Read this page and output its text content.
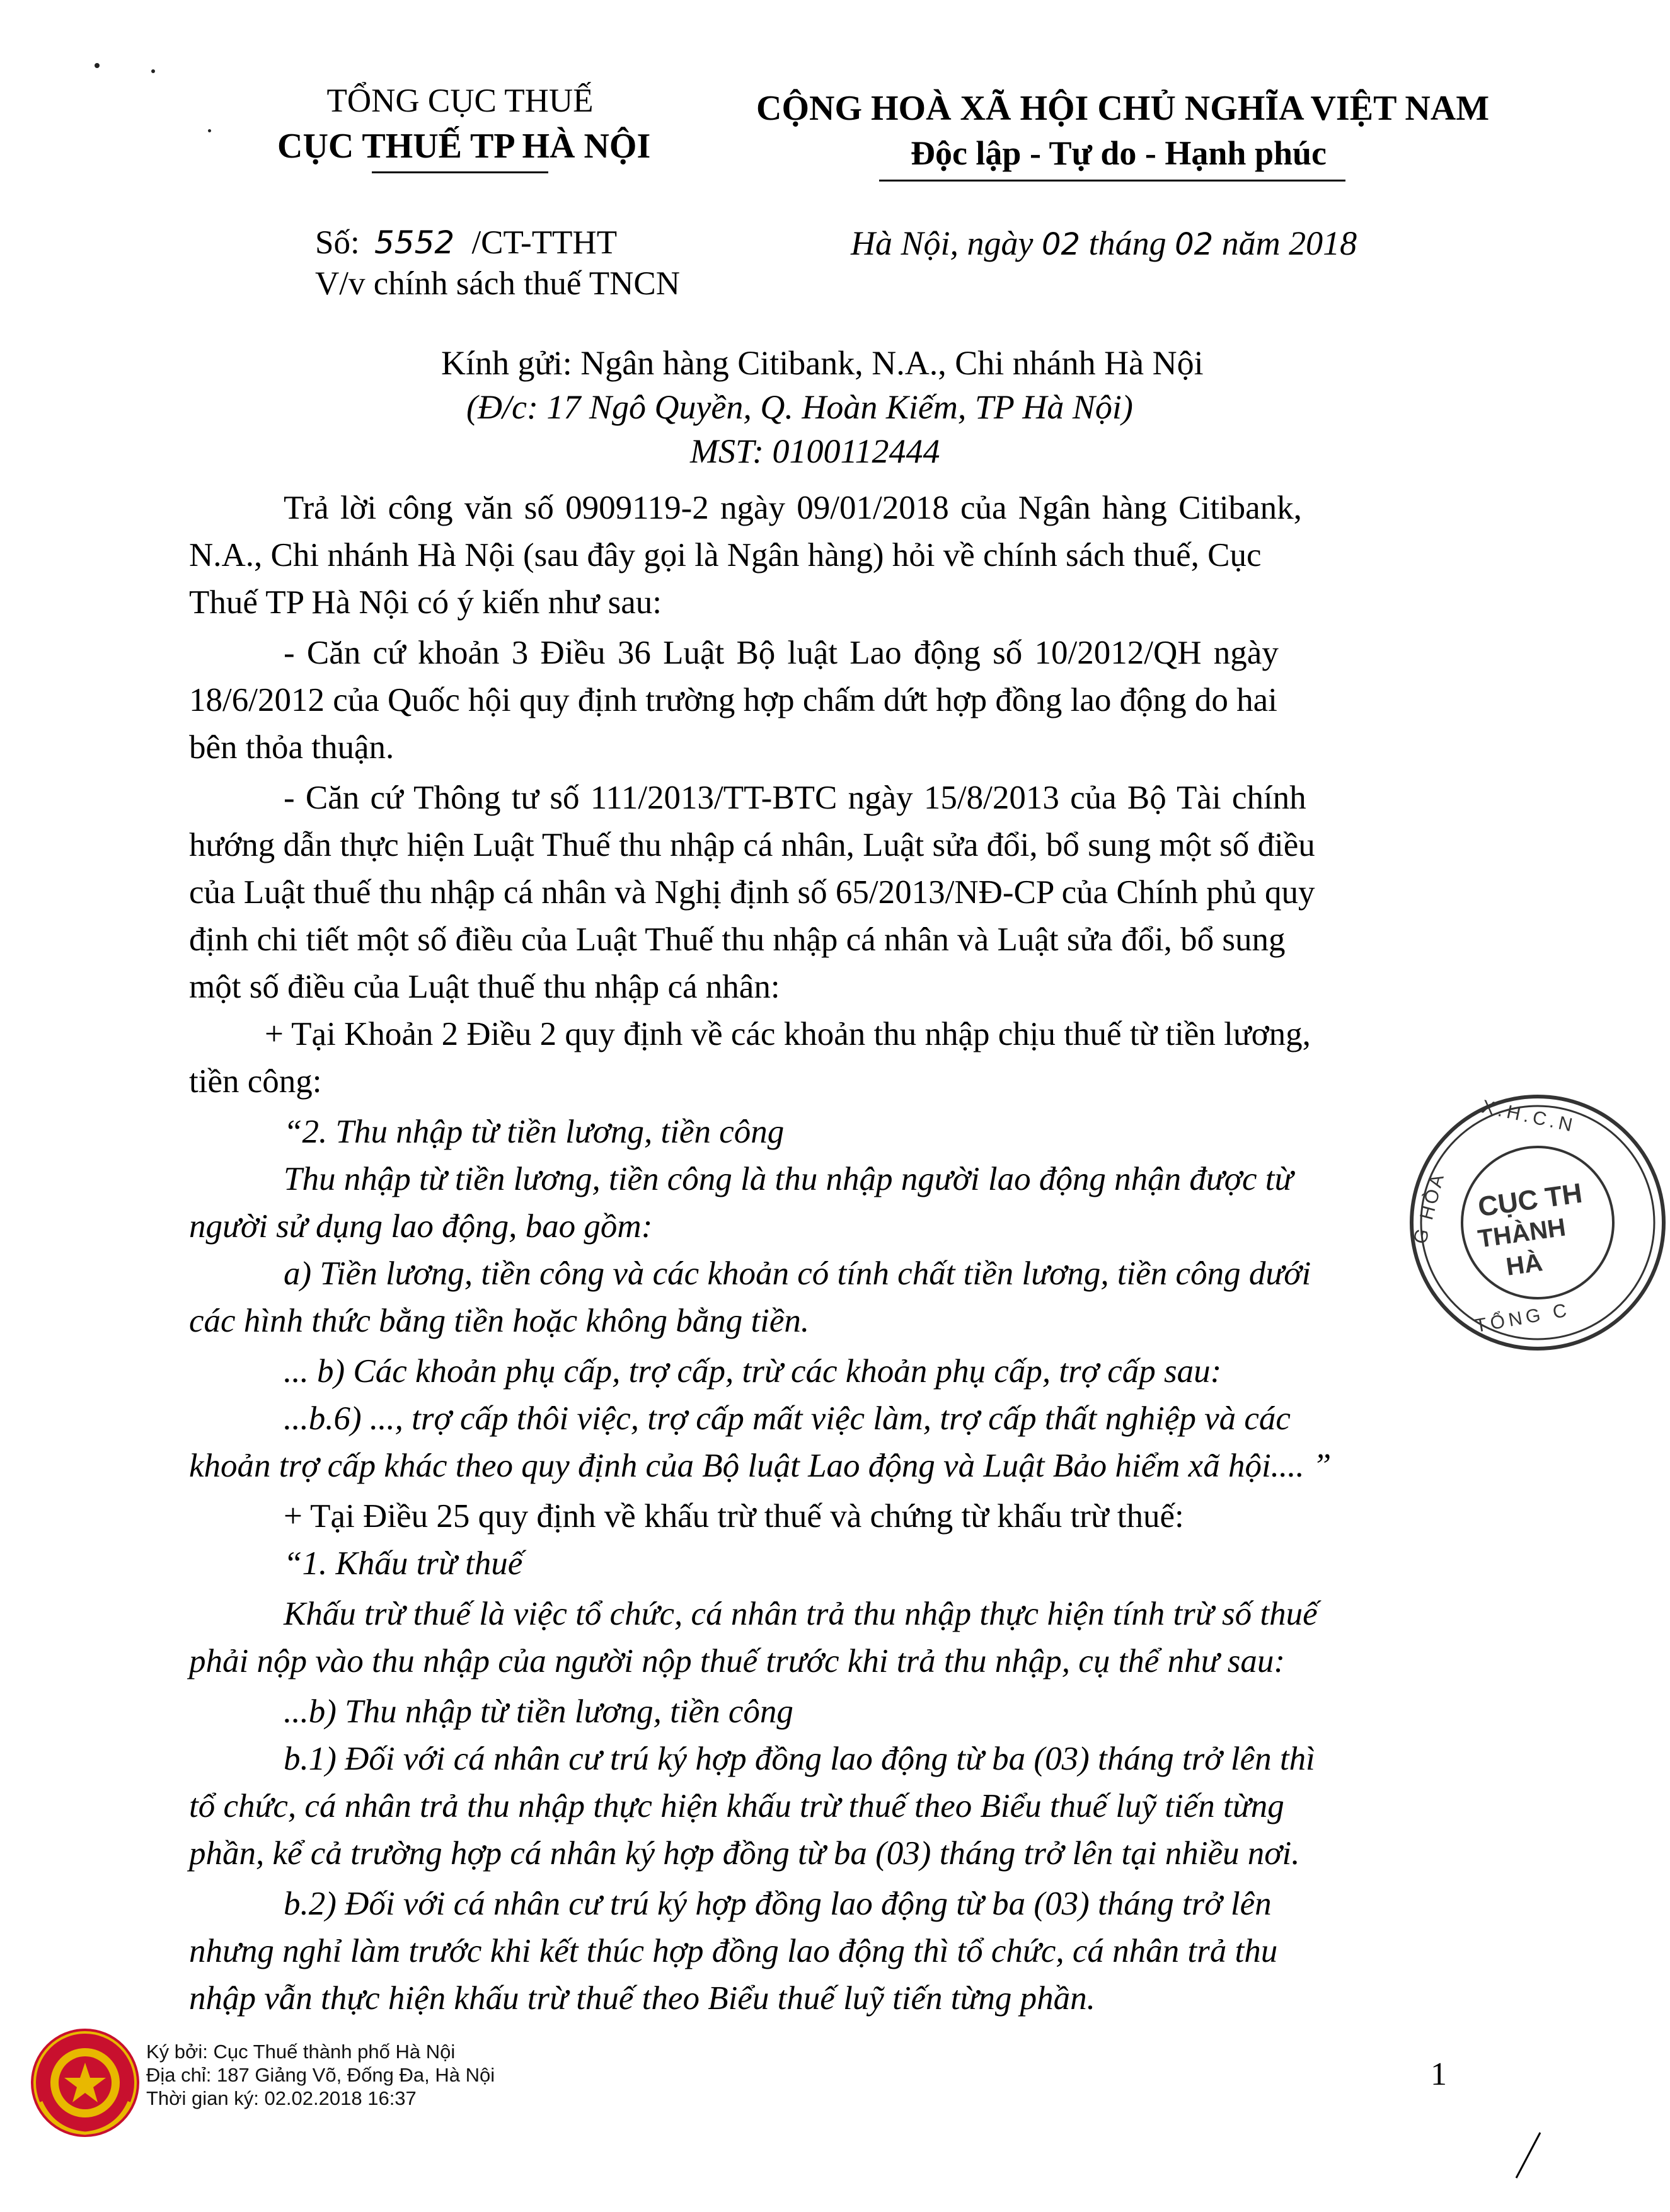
TỔNG CỤC THUẾ
CỤC THUẾ TP HÀ NỘI
Số: 5552 /CT-TTHT
V/v chính sách thuế TNCN
CỘNG HOÀ XÃ HỘI CHỦ NGHĨA VIỆT NAM
Độc lập - Tự do - Hạnh phúc
Hà Nội, ngày 02 tháng 02 năm 2018
Kính gửi: Ngân hàng Citibank, N.A., Chi nhánh Hà Nội
(Đ/c: 17 Ngô Quyền, Q. Hoàn Kiếm, TP Hà Nội)
MST: 0100112444
Trả lời công văn số 0909119-2 ngày 09/01/2018 của Ngân hàng Citibank,
N.A., Chi nhánh Hà Nội (sau đây gọi là Ngân hàng) hỏi về chính sách thuế, Cục
Thuế TP Hà Nội có ý kiến như sau:
- Căn cứ khoản 3 Điều 36 Luật Bộ luật Lao động số 10/2012/QH ngày
18/6/2012 của Quốc hội quy định trường hợp chấm dứt hợp đồng lao động do hai
bên thỏa thuận.
- Căn cứ Thông tư số 111/2013/TT-BTC ngày 15/8/2013 của Bộ Tài chính
hướng dẫn thực hiện Luật Thuế thu nhập cá nhân, Luật sửa đổi, bổ sung một số điều
của Luật thuế thu nhập cá nhân và Nghị định số 65/2013/NĐ-CP của Chính phủ quy
định chi tiết một số điều của Luật Thuế thu nhập cá nhân và Luật sửa đổi, bổ sung
một số điều của Luật thuế thu nhập cá nhân:
+ Tại Khoản 2 Điều 2 quy định về các khoản thu nhập chịu thuế từ tiền lương,
tiền công:
“2. Thu nhập từ tiền lương, tiền công
Thu nhập từ tiền lương, tiền công là thu nhập người lao động nhận được từ
người sử dụng lao động, bao gồm:
a) Tiền lương, tiền công và các khoản có tính chất tiền lương, tiền công dưới
các hình thức bằng tiền hoặc không bằng tiền.
... b) Các khoản phụ cấp, trợ cấp, trừ các khoản phụ cấp, trợ cấp sau:
...b.6) ..., trợ cấp thôi việc, trợ cấp mất việc làm, trợ cấp thất nghiệp và các
khoản trợ cấp khác theo quy định của Bộ luật Lao động và Luật Bảo hiểm xã hội.... ”
+ Tại Điều 25 quy định về khấu trừ thuế và chứng từ khấu trừ thuế:
“1. Khấu trừ thuế
Khấu trừ thuế là việc tổ chức, cá nhân trả thu nhập thực hiện tính trừ số thuế
phải nộp vào thu nhập của người nộp thuế trước khi trả thu nhập, cụ thể như sau:
...b) Thu nhập từ tiền lương, tiền công
b.1) Đối với cá nhân cư trú ký hợp đồng lao động từ ba (03) tháng trở lên thì
tổ chức, cá nhân trả thu nhập thực hiện khấu trừ thuế theo Biểu thuế luỹ tiến từng
phần, kể cả trường hợp cá nhân ký hợp đồng từ ba (03) tháng trở lên tại nhiều nơi.
b.2) Đối với cá nhân cư trú ký hợp đồng lao động từ ba (03) tháng trở lên
nhưng nghỉ làm trước khi kết thúc hợp đồng lao động thì tổ chức, cá nhân trả thu
nhập vẫn thực hiện khấu trừ thuế theo Biểu thuế luỹ tiến từng phần.
X.H.C.N
G HÒA CỤC TH
THÀNH
HÀ
TỔNG C
Ký bởi: Cục Thuế thành phố Hà Nội
Địa chỉ: 187 Giảng Võ, Đống Đa, Hà Nội
Thời gian ký: 02.02.2018 16:37
1
